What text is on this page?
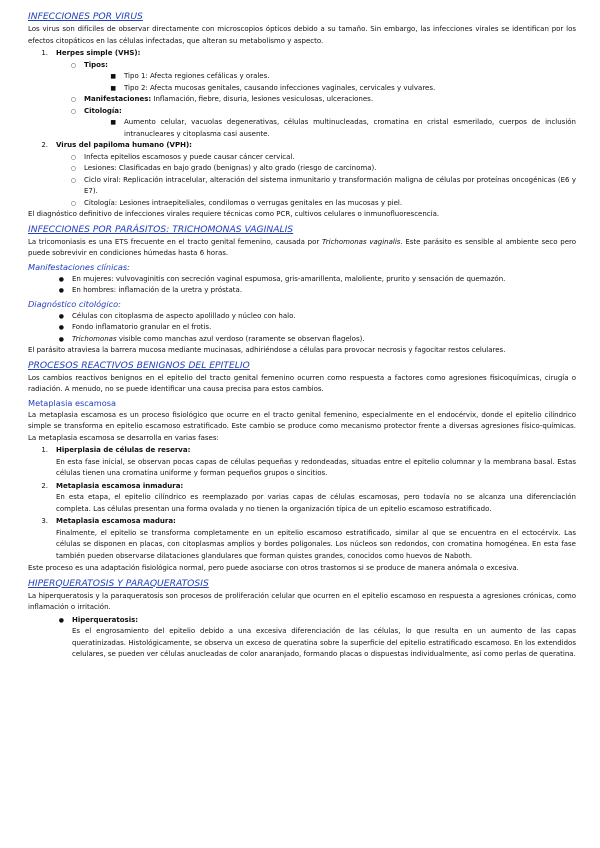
INFECCIONES POR VIRUS
Los virus son difíciles de observar directamente con microscopios ópticos debido a su tamaño. Sin embargo, las infecciones virales se identifican por los efectos citopáticos en las células infectadas, que alteran su metabolismo y aspecto.
1.	Herpes simple (VHS):
○	Tipos:
■	Tipo 1: Afecta regiones cefálicas y orales.
■	Tipo 2: Afecta mucosas genitales, causando infecciones vaginales, cervicales y vulvares.
○	Manifestaciones: Inflamación, fiebre, disuria, lesiones vesiculosas, ulceraciones.
○	Citología:
■	Aumento celular, vacuolas degenerativas, células multinucleadas, cromatina en cristal esmerilado, cuerpos de inclusión intranucleares y citoplasma casi ausente.
2.	Virus del papiloma humano (VPH):
○	Infecta epitelios escamosos y puede causar cáncer cervical.
○	Lesiones: Clasificadas en bajo grado (benignas) y alto grado (riesgo de carcinoma).
○	Ciclo viral: Replicación intracelular, alteración del sistema inmunitario y transformación maligna de células por proteínas oncogénicas (E6 y E7).
○	Citología: Lesiones intraepiteliales, condilomas o verrugas genitales en las mucosas y piel.
El diagnóstico definitivo de infecciones virales requiere técnicas como PCR, cultivos celulares o inmunofluorescencia.
INFECCIONES POR PARÁSITOS: TRICHOMONAS VAGINALIS
La tricomoniasis es una ETS frecuente en el tracto genital femenino, causada por Trichomonas vaginalis. Este parásito es sensible al ambiente seco pero puede sobrevivir en condiciones húmedas hasta 6 horas.
Manifestaciones clínicas:
●	En mujeres: vulvovaginitis con secreción vaginal espumosa, gris-amarillenta, maloliente, prurito y sensación de quemazón.
●	En hombres: inflamación de la uretra y próstata.
Diagnóstico citológico:
●	Células con citoplasma de aspecto apolillado y núcleo con halo.
●	Fondo inflamatorio granular en el frotis.
●	Trichomonas visible como manchas azul verdoso (raramente se observan flagelos).
El parásito atraviesa la barrera mucosa mediante mucinasas, adhiriéndose a células para provocar necrosis y fagocitar restos celulares.
PROCESOS REACTIVOS BENIGNOS DEL EPITELIO
Los cambios reactivos benignos en el epitelio del tracto genital femenino ocurren como respuesta a factores como agresiones fisicoquímicas, cirugía o radiación. A menudo, no se puede identificar una causa precisa para estos cambios.
Metaplasia escamosa
La metaplasia escamosa es un proceso fisiológico que ocurre en el tracto genital femenino, especialmente en el endocérvix, donde el epitelio cilíndrico simple se transforma en epitelio escamoso estratificado. Este cambio se produce como mecanismo protector frente a diversas agresiones físico-químicas. La metaplasia escamosa se desarrolla en varias fases:
1.	Hiperplasia de células de reserva:
En esta fase inicial, se observan pocas capas de células pequeñas y redondeadas, situadas entre el epitelio columnar y la membrana basal. Estas células tienen una cromatina uniforme y forman pequeños grupos o sincitios.
2.	Metaplasia escamosa inmadura:
En esta etapa, el epitelio cilíndrico es reemplazado por varias capas de células escamosas, pero todavía no se alcanza una diferenciación completa. Las células presentan una forma ovalada y no tienen la organización típica de un epitelio escamoso estratificado.
3.	Metaplasia escamosa madura:
Finalmente, el epitelio se transforma completamente en un epitelio escamoso estratificado, similar al que se encuentra en el ectocérvix. Las células se disponen en placas, con citoplasmas amplios y bordes poligonales. Los núcleos son redondos, con cromatina homogénea. En esta fase también pueden observarse dilataciones glandulares que forman quistes grandes, conocidos como huevos de Naboth.
Este proceso es una adaptación fisiológica normal, pero puede asociarse con otros trastornos si se produce de manera anómala o excesiva.
HIPERQUERATOSIS Y PARAQUERATOSIS
La hiperqueratosis y la paraqueratosis son procesos de proliferación celular que ocurren en el epitelio escamoso en respuesta a agresiones crónicas, como inflamación o irritación.
●	Hiperqueratosis:
Es el engrosamiento del epitelio debido a una excesiva diferenciación de las células, lo que resulta en un aumento de las capas queratinizadas. Histológicamente, se observa un exceso de queratina sobre la superficie del epitelio estratificado escamoso. En los extendidos celulares, se pueden ver células anucleadas de color anaranjado, formando placas o dispuestas individualmente, así como perlas de queratina.
